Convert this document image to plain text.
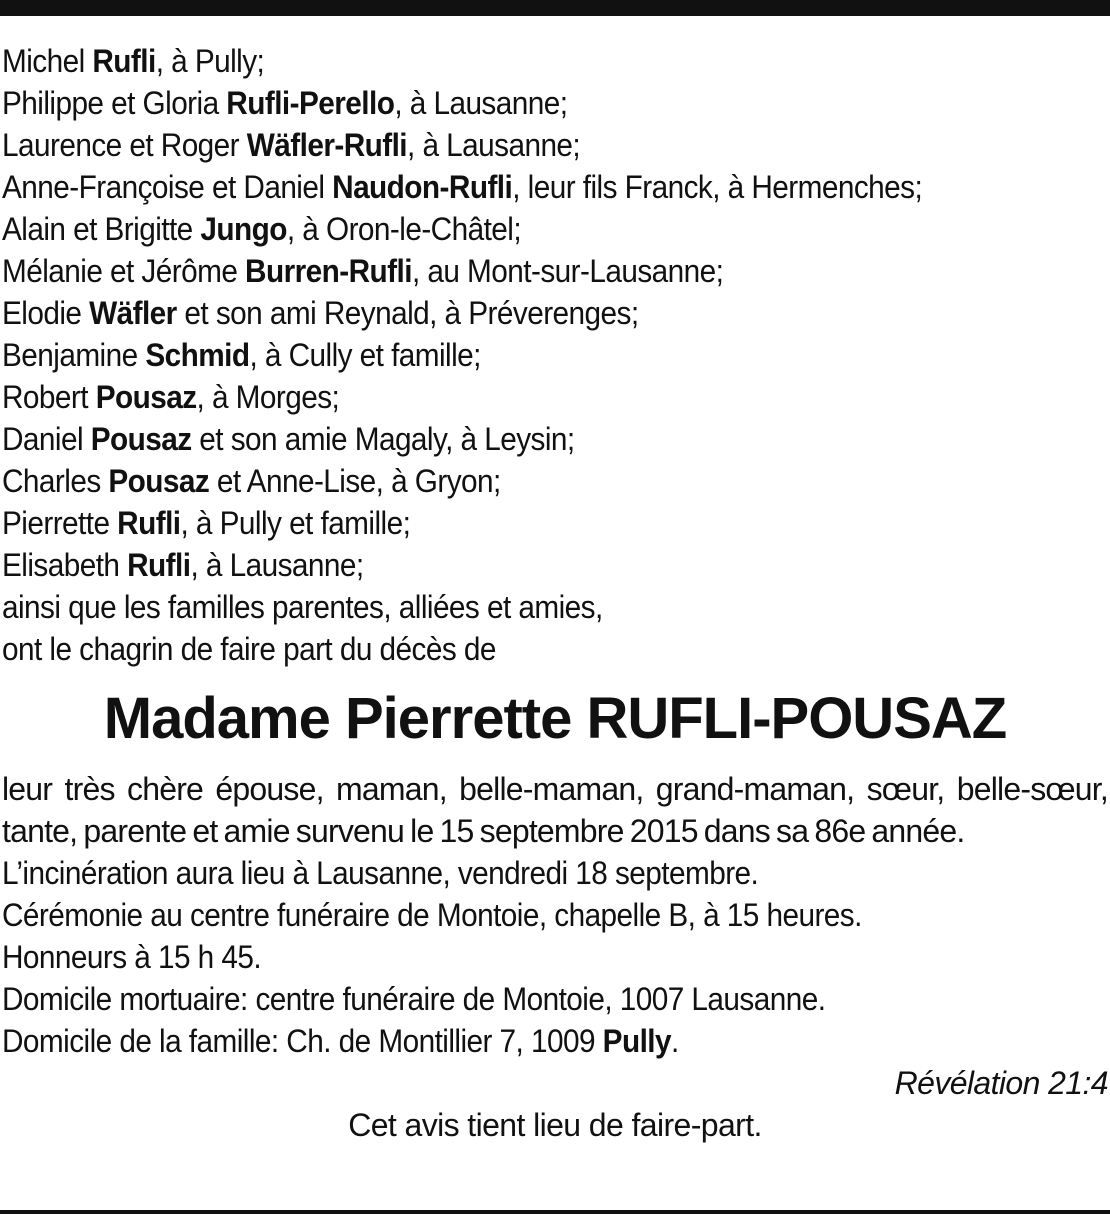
Michel Rufli, à Pully;
Philippe et Gloria Rufli-Perello, à Lausanne;
Laurence et Roger Wäfler-Rufli, à Lausanne;
Anne-Françoise et Daniel Naudon-Rufli, leur fils Franck, à Hermenches;
Alain et Brigitte Jungo, à Oron-le-Châtel;
Mélanie et Jérôme Burren-Rufli, au Mont-sur-Lausanne;
Elodie Wäfler et son ami Reynald, à Préverenges;
Benjamine Schmid, à Cully et famille;
Robert Pousaz, à Morges;
Daniel Pousaz et son amie Magaly, à Leysin;
Charles Pousaz et Anne-Lise, à Gryon;
Pierrette Rufli, à Pully et famille;
Elisabeth Rufli, à Lausanne;
ainsi que les familles parentes, alliées et amies,
ont le chagrin de faire part du décès de
Madame Pierrette RUFLI-POUSAZ

leur très chère épouse, maman, belle-maman, grand-maman, sœur, belle-sœur, tante, parente et amie survenu le 15 septembre 2015 dans sa 86e année.

L’incinération aura lieu à Lausanne, vendredi 18 septembre.
Cérémonie au centre funéraire de Montoie, chapelle B, à 15 heures.
Honneurs à 15 h 45.
Domicile mortuaire: centre funéraire de Montoie, 1007 Lausanne.
Domicile de la famille: Ch. de Montillier 7, 1009 Pully.
Révélation 21:4
Cet avis tient lieu de faire-part.
